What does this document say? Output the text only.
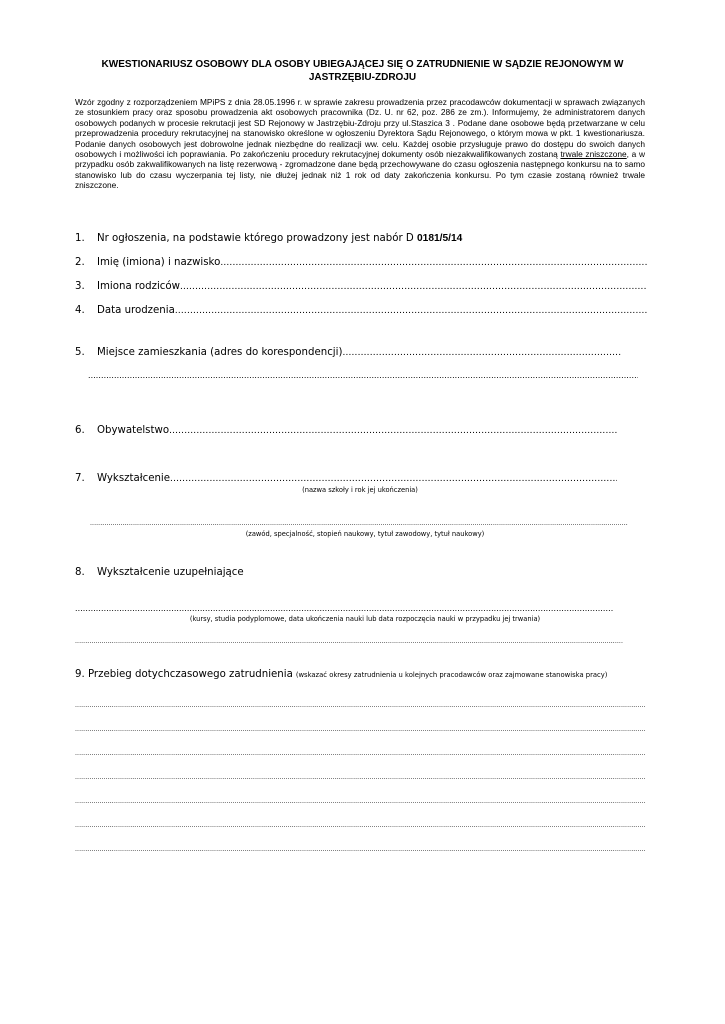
KWESTIONARIUSZ OSOBOWY DLA OSOBY UBIEGAJĄCEJ SIĘ O ZATRUDNIENIE W SĄDZIE REJONOWYM W JASTRZĘBIU-ZDROJU
Wzór zgodny z rozporządzeniem MPiPS z dnia 28.05.1996 r. w sprawie zakresu prowadzenia przez pracodawców dokumentacji w sprawach związanych ze stosunkiem pracy oraz sposobu prowadzenia akt osobowych pracownika (Dz. U. nr 62, poz. 286 ze zm.). Informujemy, że administratorem danych osobowych podanych w procesie rekrutacji jest SD Rejonowy w Jastrzębiu-Zdroju przy ul.Staszica 3 . Podane dane osobowe będą przetwarzane w celu przeprowadzenia procedury rekrutacyjnej na stanowisko określone w ogłoszeniu Dyrektora Sądu Rejonowego, o którym mowa w pkt. 1 kwestionariusza. Podanie danych osobowych jest dobrowolne jednak niezbędne do realizacji ww. celu. Każdej osobie przysługuje prawo do dostępu do swoich danych osobowych i możliwości ich poprawiania. Po zakończeniu procedury rekrutacyjnej dokumenty osób niezakwalifikowanych zostaną trwale zniszczone, a w przypadku osób zakwalifikowanych na listę rezerwową - zgromadzone dane będą przechowywane do czasu ogłoszenia następnego konkursu na to samo stanowisko lub do czasu wyczerpania tej listy, nie dłużej jednak niż 1 rok od daty zakończenia konkursu. Po tym czasie zostaną również trwale zniszczone.
1.	Nr ogłoszenia, na podstawie którego prowadzony jest nabór D 0181/5/14
2.	Imię (imiona) i nazwisko
.....
3.	Imiona rodziców
.....
4.	Data urodzenia
.....
5.	Miejsce zamieszkania (adres do korespondencji)
.....
.....
6.	Obywatelstwo
.....
7.	Wykształcenie
.....
(nazwa szkoły i rok jej ukończenia)
.....
(zawód, specjalność, stopień naukowy, tytuł zawodowy, tytuł naukowy)
8.	Wykształcenie uzupełniające
.....
(kursy, studia podyplomowe, data ukończenia nauki lub data rozpoczęcia nauki w przypadku jej trwania)
.....
9. Przebieg dotychczasowego zatrudnienia (wskazać okresy zatrudnienia u kolejnych pracodawców oraz zajmowane stanowiska pracy)
.....
.....
.....
.....
.....
.....
.....
